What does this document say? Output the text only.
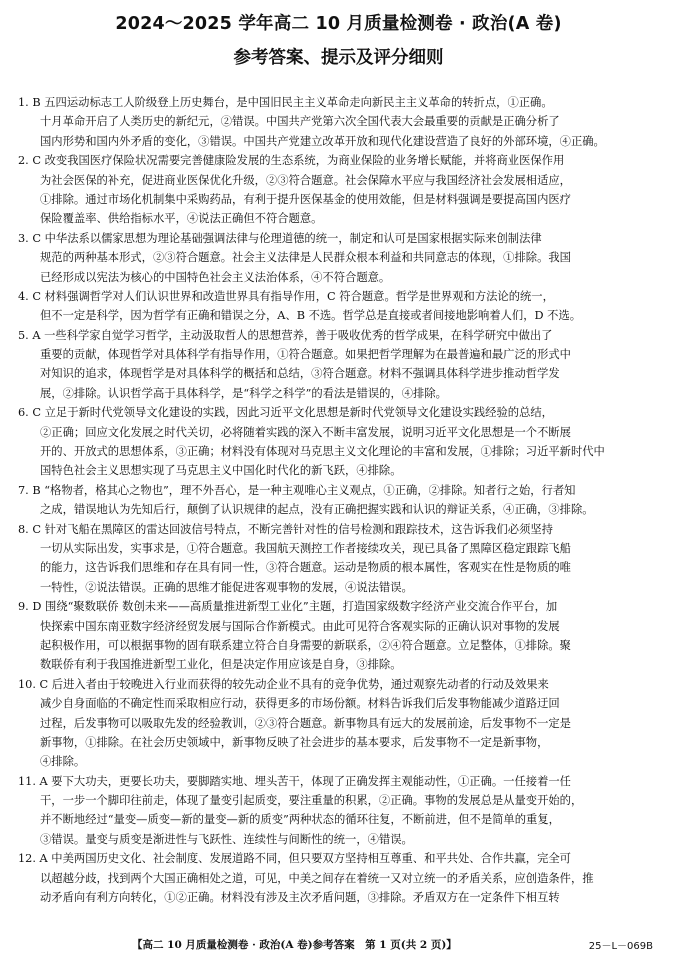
2024～2025 学年高二 10 月质量检测卷 · 政治(A 卷)
参考答案、提示及评分细则
1. B 五四运动标志工人阶级登上历史舞台，是中国旧民主主义革命走向新民主主义革命的转折点，①正确。
十月革命开启了人类历史的新纪元，②错误。中国共产党第六次全国代表大会最重要的贡献是正确分析了
国内形势和国内外矛盾的变化，③错误。中国共产党建立改革开放和现代化建设营造了良好的外部环境，④正确。
2. C 改变我国医疗保险状况需要完善健康险发展的生态系统，为商业保险的业务增长赋能，并将商业医保作用
为社会医保的补充，促进商业医保优化升级，②③符合题意。社会保障水平应与我国经济社会发展相适应，
①排除。通过市场化机制集中采购药品，有利于提升医保基金的使用效能，但是材料强调是要提高国内医疗
保险覆盖率、供给指标水平，④说法正确但不符合题意。
3. C 中华法系以儒家思想为理论基础强调法律与伦理道德的统一，制定和认可是国家根据实际来创制法律
规范的两种基本形式，②③符合题意。社会主义法律是人民群众根本利益和共同意志的体现，①排除。我国
已经形成以宪法为核心的中国特色社会主义法治体系，④不符合题意。
4. C 材料强调哲学对人们认识世界和改造世界具有指导作用，C 符合题意。哲学是世界观和方法论的统一，
但不一定是科学，因为哲学有正确和错误之分，A、B 不选。哲学总是直接或者间接地影响着人们，D 不选。
5. A 一些科学家自觉学习哲学，主动汲取哲人的思想营养，善于吸收优秀的哲学成果，在科学研究中做出了
重要的贡献，体现哲学对具体科学有指导作用，①符合题意。如果把哲学理解为在最普遍和最广泛的形式中
对知识的追求，体现哲学是对具体科学的概括和总结，③符合题意。材料不强调具体科学进步推动哲学发
展，②排除。认识哲学高于具体科学，是“科学之科学”的看法是错误的，④排除。
6. C 立足于新时代党领导文化建设的实践，因此习近平文化思想是新时代党领导文化建设实践经验的总结，
②正确；回应文化发展之时代关切，必将随着实践的深入不断丰富发展，说明习近平文化思想是一个不断展
开的、开放式的思想体系，③正确；材料没有体现对马克思主义文化理论的丰富和发展，①排除；习近平新时代中
国特色社会主义思想实现了马克思主义中国化时代化的新飞跃，④排除。
7. B “格物者，格其心之物也”，理不外吾心，是一种主观唯心主义观点，①正确，②排除。知者行之始，行者知
之成，错误地认为先知后行，颠倒了认识规律的起点，没有正确把握实践和认识的辩证关系，④正确，③排除。
8. C 针对飞船在黑障区的雷达回波信号特点，不断完善针对性的信号检测和跟踪技术，这告诉我们必须坚持
一切从实际出发，实事求是，①符合题意。我国航天测控工作者接续攻关，现已具备了黑障区稳定跟踪飞船
的能力，这告诉我们思维和存在具有同一性，③符合题意。运动是物质的根本属性，客观实在性是物质的唯
一特性，②说法错误。正确的思维才能促进客观事物的发展，④说法错误。
9. D 围绕“聚数联侨 数创未来——高质量推进新型工业化”主题，打造国家级数字经济产业交流合作平台，加
快探索中国东南亚数字经济经贸发展与国际合作新模式。由此可见符合客观实际的正确认识对事物的发展
起积极作用，可以根据事物的固有联系建立符合自身需要的新联系，②④符合题意。立足整体，①排除。聚
数联侨有利于我国推进新型工业化，但是决定作用应该是自身，③排除。
10. C 后进入者由于较晚进入行业而获得的较先动企业不具有的竞争优势，通过观察先动者的行动及效果来
减少自身面临的不确定性而采取相应行动，获得更多的市场份额。材料告诉我们后发事物能减少道路迂回
过程，后发事物可以吸取先发的经验教训，②③符合题意。新事物具有远大的发展前途，后发事物不一定是
新事物，①排除。在社会历史领域中，新事物反映了社会进步的基本要求，后发事物不一定是新事物，
④排除。
11. A 要下大功夫，更要长功夫，要脚踏实地、埋头苦干，体现了正确发挥主观能动性，①正确。一任接着一任
干，一步一个脚印往前走，体现了量变引起质变，要注重量的积累，②正确。事物的发展总是从量变开始的，
并不断地经过“量变—质变—新的量变—新的质变”两种状态的循环往复，不断前进，但不是简单的重复，
③错误。量变与质变是渐进性与飞跃性、连续性与间断性的统一，④错误。
12. A 中美两国历史文化、社会制度、发展道路不同，但只要双方坚持相互尊重、和平共处、合作共赢，完全可
以超越分歧，找到两个大国正确相处之道，可见，中美之间存在着统一又对立统一的矛盾关系，应创造条件，推
动矛盾向有利方向转化，①②正确。材料没有涉及主次矛盾问题，③排除。矛盾双方在一定条件下相互转
【高二 10 月质量检测卷 · 政治(A 卷)参考答案　第 1 页(共 2 页)】	25－L－069B
